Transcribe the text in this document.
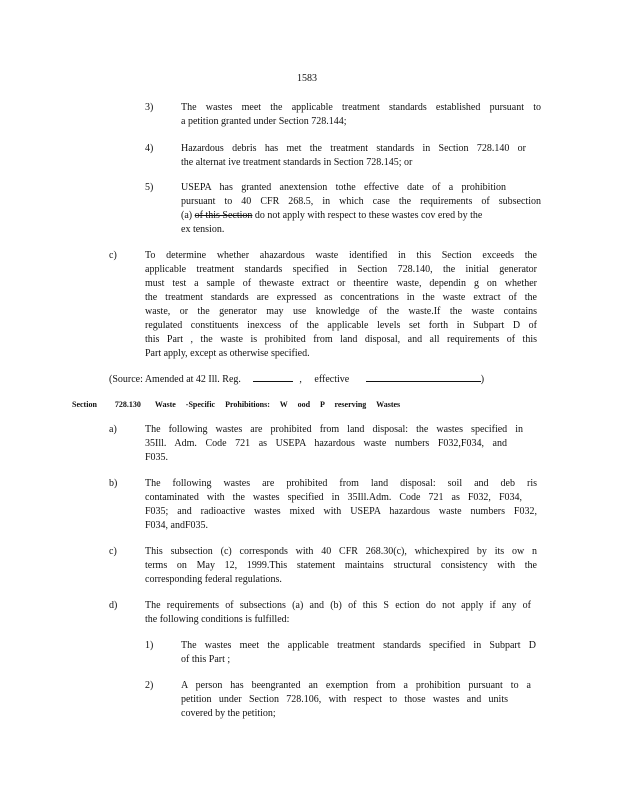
1583
3)	The wastes meet the applicable treatment standards established pursuant to
a petition granted under Section 728.144;
4)	Hazardous debris has met the treatment standards in Section 728.140 or
the alternat ive treatment standards in Section 728.145; or
5)	USEPA has granted anextension tothe effective date of a prohibition
pursuant to 40 CFR 268.5, in which case the requirements of subsection
(a) of this Section do not apply with respect to these wastes cov ered by the
ex tension.
c)	To determine whether ahazardous waste identified in this Section exceeds the
applicable treatment standards specified in Section 728.140, the initial generator
must test a sample of thewaste extract or theentire waste, dependin g on whether
the treatment standards are expressed as concentrations in the waste extract of the
waste, or the generator may use knowledge of the waste.If the waste contains
regulated constituents inexcess of the applicable levels set forth in Subpart D of
this Part , the waste is prohibited from land disposal, and all requirements of this
Part apply, except as otherwise specified.
(Source: Amended at 42 Ill. Reg.	, effective	)
Section 728.130 Waste -Specific Prohibitions: W ood P reserving Wastes
a)	The following wastes are prohibited from land disposal: the wastes specified in
35Ill. Adm. Code 721 as USEPA hazardous waste numbers F032,F034, and
F035.
b)	The following wastes are prohibited from land disposal: soil and deb ris
contaminated with the wastes specified in 35Ill.Adm. Code 721 as F032, F034,
F035; and radioactive wastes mixed with USEPA hazardous waste numbers F032,
F034, andF035.
c)	This subsection (c) corresponds with 40 CFR 268.30(c), whichexpired by its ow n
terms on May 12, 1999.This statement maintains structural consistency with the
corresponding federal regulations.
d)	The requirements of subsections (a) and (b) of this S ection do not apply if any of
the following conditions is fulfilled:
1)	The wastes meet the applicable treatment standards specified in Subpart D
of this Part ;
2)	A person has beengranted an exemption from a prohibition pursuant to a
petition under Section 728.106, with respect to those wastes and units
covered by the petition;
